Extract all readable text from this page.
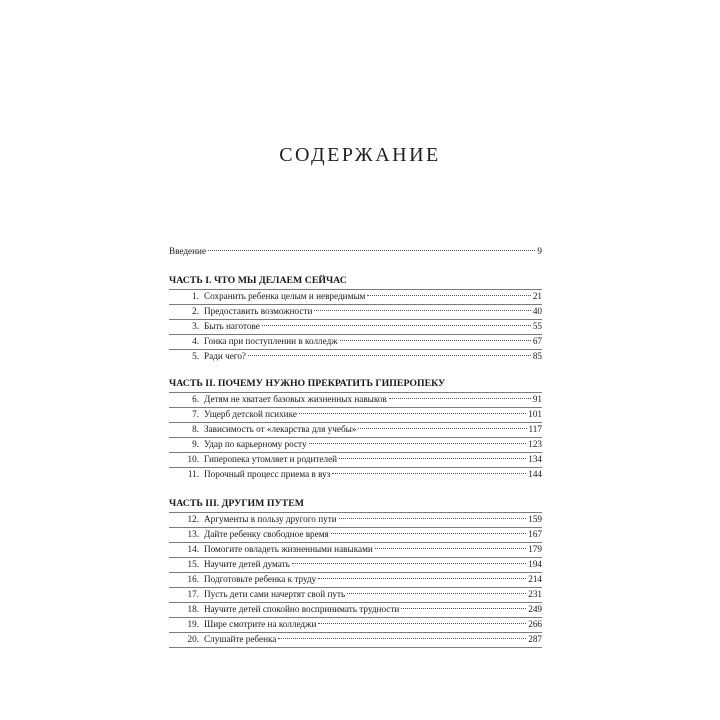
СОДЕРЖАНИЕ
Введение	9
ЧАСТЬ I. ЧТО МЫ ДЕЛАЕМ СЕЙЧАС
1. Сохранить ребенка целым и невредимым	21
2. Предоставить возможности	40
3. Быть наготове	55
4. Гонка при поступлении в колледж	67
5. Ради чего?	85
ЧАСТЬ II. ПОЧЕМУ НУЖНО ПРЕКРАТИТЬ ГИПЕРОПЕКУ
6. Детям не хватает базовых жизненных навыков	91
7. Ущерб детской психике	101
8. Зависимость от «лекарства для учебы»	117
9. Удар по карьерному росту	123
10. Гиперопека утомляет и родителей	134
11. Порочный процесс приема в вуз	144
ЧАСТЬ III. ДРУГИМ ПУТЕМ
12. Аргументы в пользу другого пути	159
13. Дайте ребенку свободное время	167
14. Помогите овладеть жизненными навыками	179
15. Научите детей думать	194
16. Подготовьте ребенка к труду	214
17. Пусть дети сами начертят свой путь	231
18. Научите детей спокойно воспринимать трудности	249
19. Шире смотрите на колледжи	266
20. Слушайте ребенка	287
